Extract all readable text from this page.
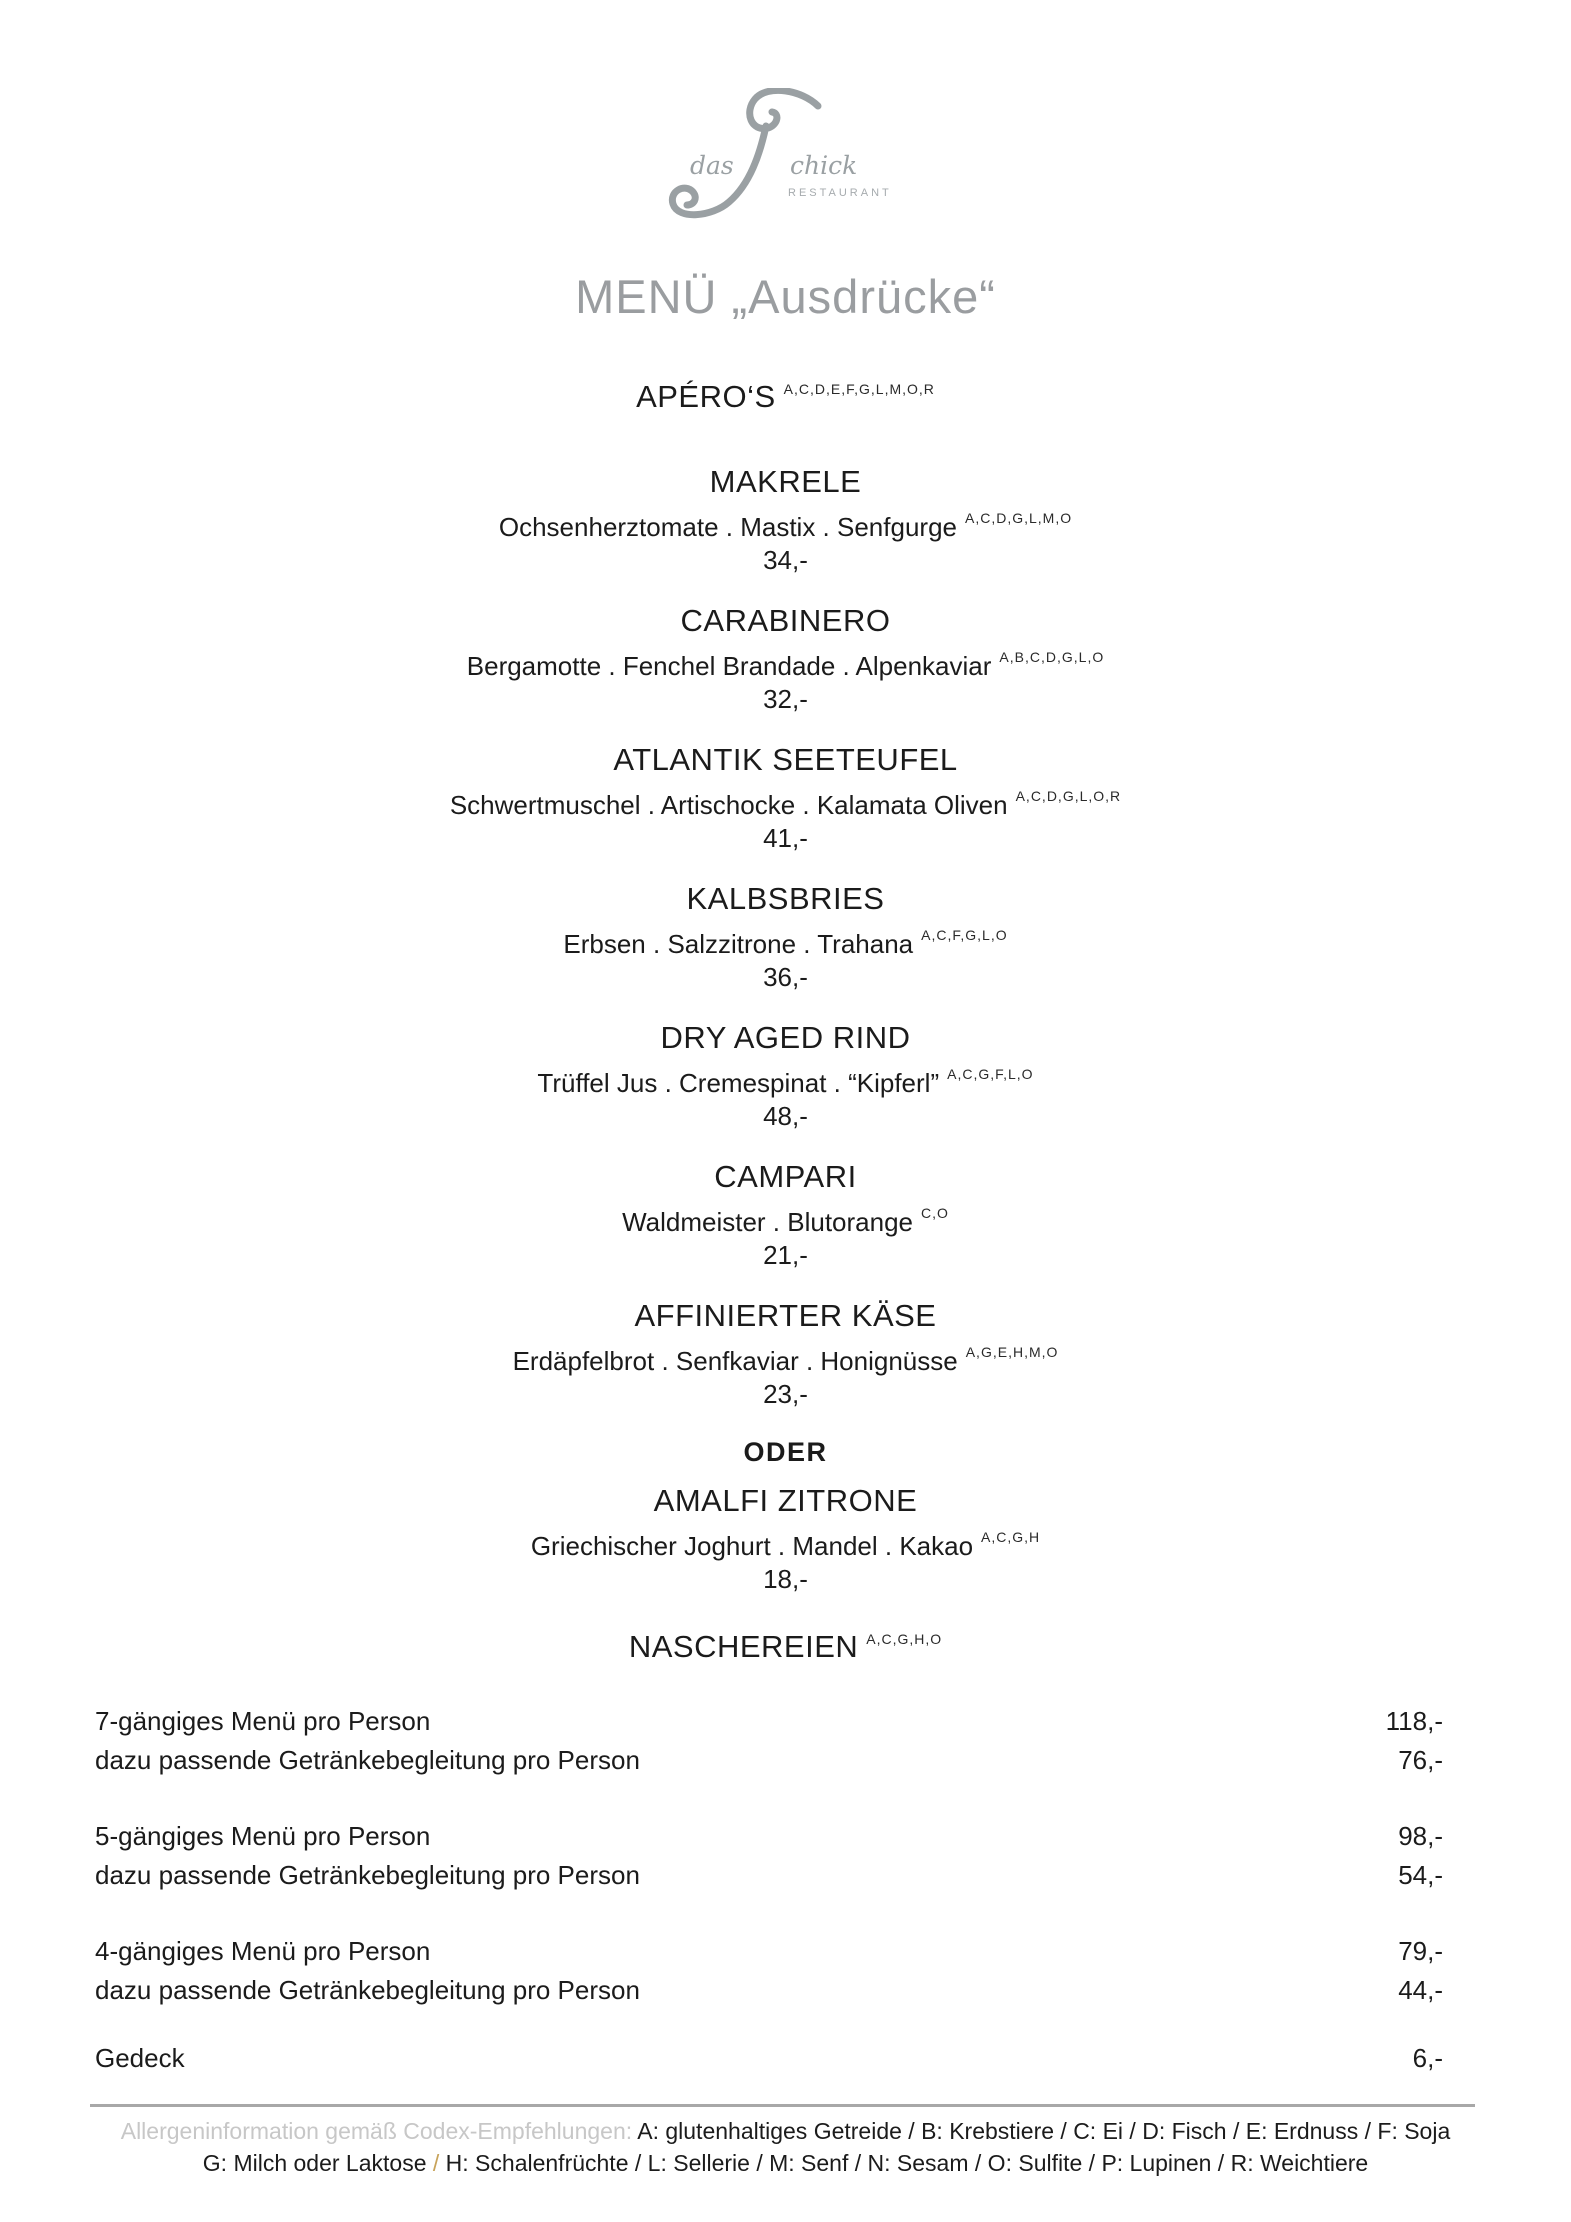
das chick
RESTAURANT
MENÜ „Ausdrücke“
APÉRO‘S $^{A,C,D,E,F,G,L,M,O,R}$
MAKRELE
Ochsenherztomate . Mastix . Senfgurge $^{A,C,D,G,L,M,O}$
34,-
CARABINERO
Bergamotte . Fenchel Brandade . Alpenkaviar $^{A,B,C,D,G,L,O}$
32,-
ATLANTIK SEETEUFEL
Schwertmuschel . Artischocke . Kalamata Oliven $^{A,C,D,G,L,O,R}$
41,-
KALBSBRIES
Erbsen . Salzzitrone . Trahana $^{A,C,F,G,L,O}$
36,-
DRY AGED RIND
Trüffel Jus . Cremespinat . “Kipferl” $^{A,C,G,F,L,O}$
48,-
CAMPARI
Waldmeister . Blutorange $^{C,O}$
21,-
AFFINIERTER KÄSE
Erdäpfelbrot . Senfkaviar . Honignüsse $^{A,G,E,H,M,O}$
23,-
ODER
AMALFI ZITRONE
Griechischer Joghurt . Mandel . Kakao $^{A,C,G,H}$
18,-
NASCHEREIEN $^{A,C,G,H,O}$
7-gängiges Menü pro Person	118,-
dazu passende Getränkebegleitung pro Person	76,-
5-gängiges Menü pro Person	98,-
dazu passende Getränkebegleitung pro Person	54,-
4-gängiges Menü pro Person	79,-
dazu passende Getränkebegleitung pro Person	44,-
Gedeck	6,-
Allergeninformation gemäß Codex-Empfehlungen: A: glutenhaltiges Getreide / B: Krebstiere / C: Ei / D: Fisch / E: Erdnuss / F: Soja
G: Milch oder Laktose / H: Schalenfrüchte / L: Sellerie / M: Senf / N: Sesam / O: Sulfite / P: Lupinen / R: Weichtiere
